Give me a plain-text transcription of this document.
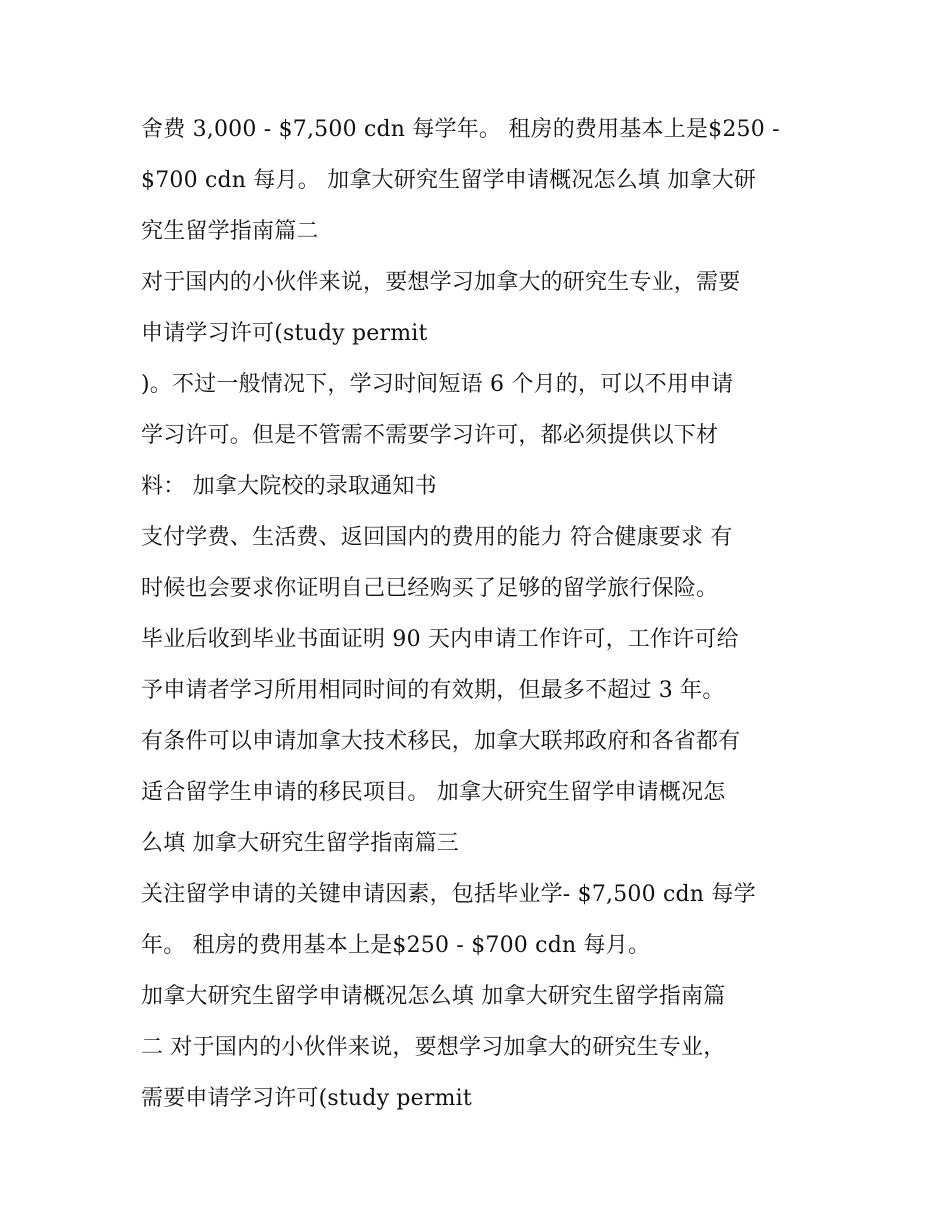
舍费 3,000 - $7,500 cdn 每学年。 租房的费用基本上是$250 -
$700 cdn 每月。 加拿大研究生留学申请概况怎么填 加拿大研
究生留学指南篇二
对于国内的小伙伴来说，要想学习加拿大的研究生专业，需要
申请学习许可(study permit
)。不过一般情况下，学习时间短语 6 个月的，可以不用申请
学习许可。但是不管需不需要学习许可，都必须提供以下材
料： 加拿大院校的录取通知书
支付学费、生活费、返回国内的费用的能力 符合健康要求 有
时候也会要求你证明自己已经购买了足够的留学旅行保险。
毕业后收到毕业书面证明 90 天内申请工作许可，工作许可给
予申请者学习所用相同时间的有效期，但最多不超过 3 年。
有条件可以申请加拿大技术移民，加拿大联邦政府和各省都有
适合留学生申请的移民项目。 加拿大研究生留学申请概况怎
么填 加拿大研究生留学指南篇三
关注留学申请的关键申请因素，包括毕业学- $7,500 cdn 每学
年。 租房的费用基本上是$250 - $700 cdn 每月。
加拿大研究生留学申请概况怎么填 加拿大研究生留学指南篇
二 对于国内的小伙伴来说，要想学习加拿大的研究生专业，
需要申请学习许可(study permit
